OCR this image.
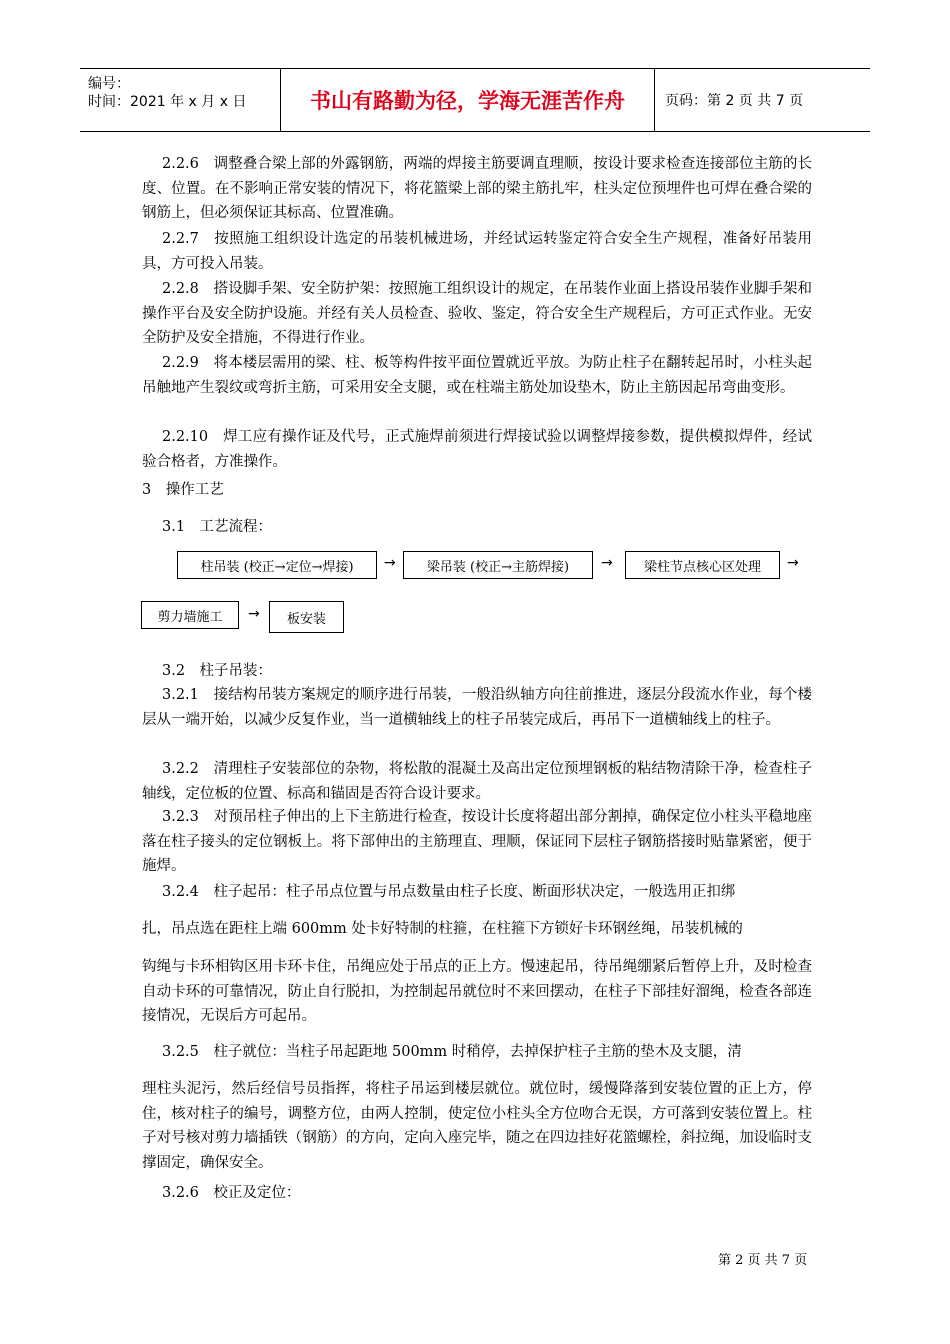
编号：
时间：2021 年 x 月 x 日	书山有路勤为径，学海无涯苦作舟	页码：第 2 页 共 7 页
2.2.6　调整叠合梁上部的外露钢筋，两端的焊接主筋要调直理顺，按设计要求检查连接部位主筋的长度、位置。在不影响正常安装的情况下，将花篮梁上部的梁主筋扎牢，柱头定位预埋件也可焊在叠合梁的钢筋上，但必须保证其标高、位置准确。
2.2.7　按照施工组织设计选定的吊装机械进场，并经试运转鉴定符合安全生产规程，准备好吊装用具，方可投入吊装。
2.2.8　搭设脚手架、安全防护架：按照施工组织设计的规定，在吊装作业面上搭设吊装作业脚手架和操作平台及安全防护设施。并经有关人员检查、验收、鉴定，符合安全生产规程后，方可正式作业。无安全防护及安全措施，不得进行作业。
2.2.9　将本楼层需用的梁、柱、板等构件按平面位置就近平放。为防止柱子在翻转起吊时，小柱头起吊触地产生裂纹或弯折主筋，可采用安全支腿，或在柱端主筋处加设垫木，防止主筋因起吊弯曲变形。
2.2.10　焊工应有操作证及代号，正式施焊前须进行焊接试验以调整焊接参数，提供模拟焊件，经试验合格者，方准操作。
3　操作工艺
3.1　工艺流程：
柱吊装 (校正→定位→焊接)	→	梁吊装 (校正→主筋焊接)	→	梁柱节点核心区处理	→
剪力墙施工	→	板安装
3.2　柱子吊装：
3.2.1　接结构吊装方案规定的顺序进行吊装，一般沿纵轴方向往前推进，逐层分段流水作业，每个楼层从一端开始，以减少反复作业，当一道横轴线上的柱子吊装完成后，再吊下一道横轴线上的柱子。
3.2.2　清理柱子安装部位的杂物，将松散的混凝土及高出定位预埋钢板的粘结物清除干净，检查柱子轴线，定位板的位置、标高和锚固是否符合设计要求。
3.2.3　对预吊柱子伸出的上下主筋进行检查，按设计长度将超出部分割掉，确保定位小柱头平稳地座落在柱子接头的定位钢板上。将下部伸出的主筋理直、理顺，保证同下层柱子钢筋搭接时贴靠紧密，便于施焊。
3.2.4　柱子起吊：柱子吊点位置与吊点数量由柱子长度、断面形状决定，一般选用正扣绑
扎，吊点选在距柱上端 600mm 处卡好特制的柱箍，在柱箍下方锁好卡环钢丝绳，吊装机械的
钩绳与卡环相钩区用卡环卡住，吊绳应处于吊点的正上方。慢速起吊，待吊绳绷紧后暂停上升，及时检查自动卡环的可靠情况，防止自行脱扣，为控制起吊就位时不来回摆动，在柱子下部挂好溜绳，检查各部连接情况，无误后方可起吊。
3.2.5　柱子就位：当柱子吊起距地 500mm 时稍停，去掉保护柱子主筋的垫木及支腿，清
理柱头泥污，然后经信号员指挥，将柱子吊运到楼层就位。就位时，缓慢降落到安装位置的正上方，停住，核对柱子的编号，调整方位，由两人控制，使定位小柱头全方位吻合无误，方可落到安装位置上。柱子对号核对剪力墙插铁（钢筋）的方向，定向入座完毕，随之在四边挂好花篮螺栓，斜拉绳，加设临时支撑固定，确保安全。
3.2.6　校正及定位：
第 2 页 共 7 页
